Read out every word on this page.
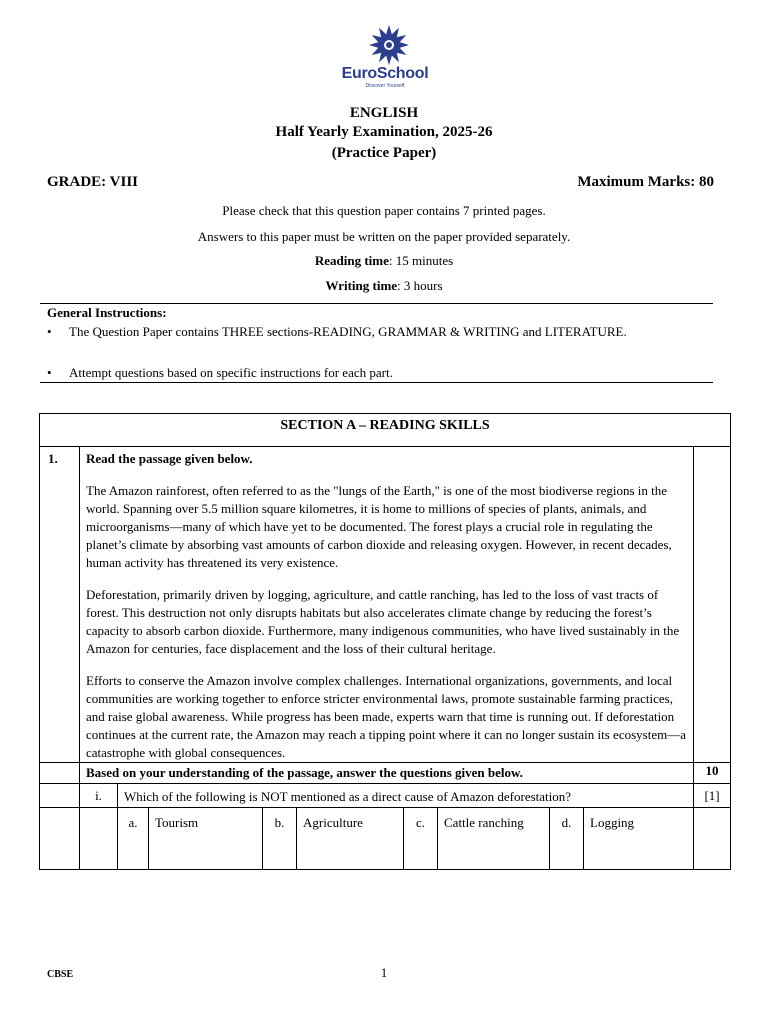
EuroSchool
Discover Yourself
ENGLISH
Half Yearly Examination, 2025-26
(Practice Paper)
GRADE: VIII	Maximum Marks: 80
Please check that this question paper contains 7 printed pages.
Answers to this paper must be written on the paper provided separately.
Reading time: 15 minutes
Writing time: 3 hours
General Instructions:
• The Question Paper contains THREE sections-READING, GRAMMAR & WRITING and LITERATURE.
• Attempt questions based on specific instructions for each part.
SECTION A – READING SKILLS										
1.	Read the passage given below.

The Amazon rainforest, often referred to as the "lungs of the Earth," is one of the most biodiverse regions in the world. Spanning over 5.5 million square kilometres, it is home to millions of species of plants, animals, and microorganisms—many of which have yet to be documented. The forest plays a crucial role in regulating the planet’s climate by absorbing vast amounts of carbon dioxide and releasing oxygen. However, in recent decades, human activity has threatened its very existence.

Deforestation, primarily driven by logging, agriculture, and cattle ranching, has led to the loss of vast tracts of forest. This destruction not only disrupts habitats but also accelerates climate change by reducing the forest’s capacity to absorb carbon dioxide. Furthermore, many indigenous communities, who have lived sustainably in the Amazon for centuries, face displacement and the loss of their cultural heritage.

Efforts to conserve the Amazon involve complex challenges. International organizations, governments, and local communities are working together to enforce stricter environmental laws, promote sustainable farming practices, and raise global awareness. While progress has been made, experts warn that time is running out. If deforestation continues at the current rate, the Amazon may reach a tipping point where it can no longer sustain its ecosystem—a catastrophe with global consequences.									

	Based on your understanding of the passage, answer the questions given below.									10
	i.	Which of the following is NOT mentioned as a direct cause of Amazon deforestation?								[1]
		a.	Tourism	b.	Agriculture	c.	Cattle ranching	d.	Logging	
CBSE	1
